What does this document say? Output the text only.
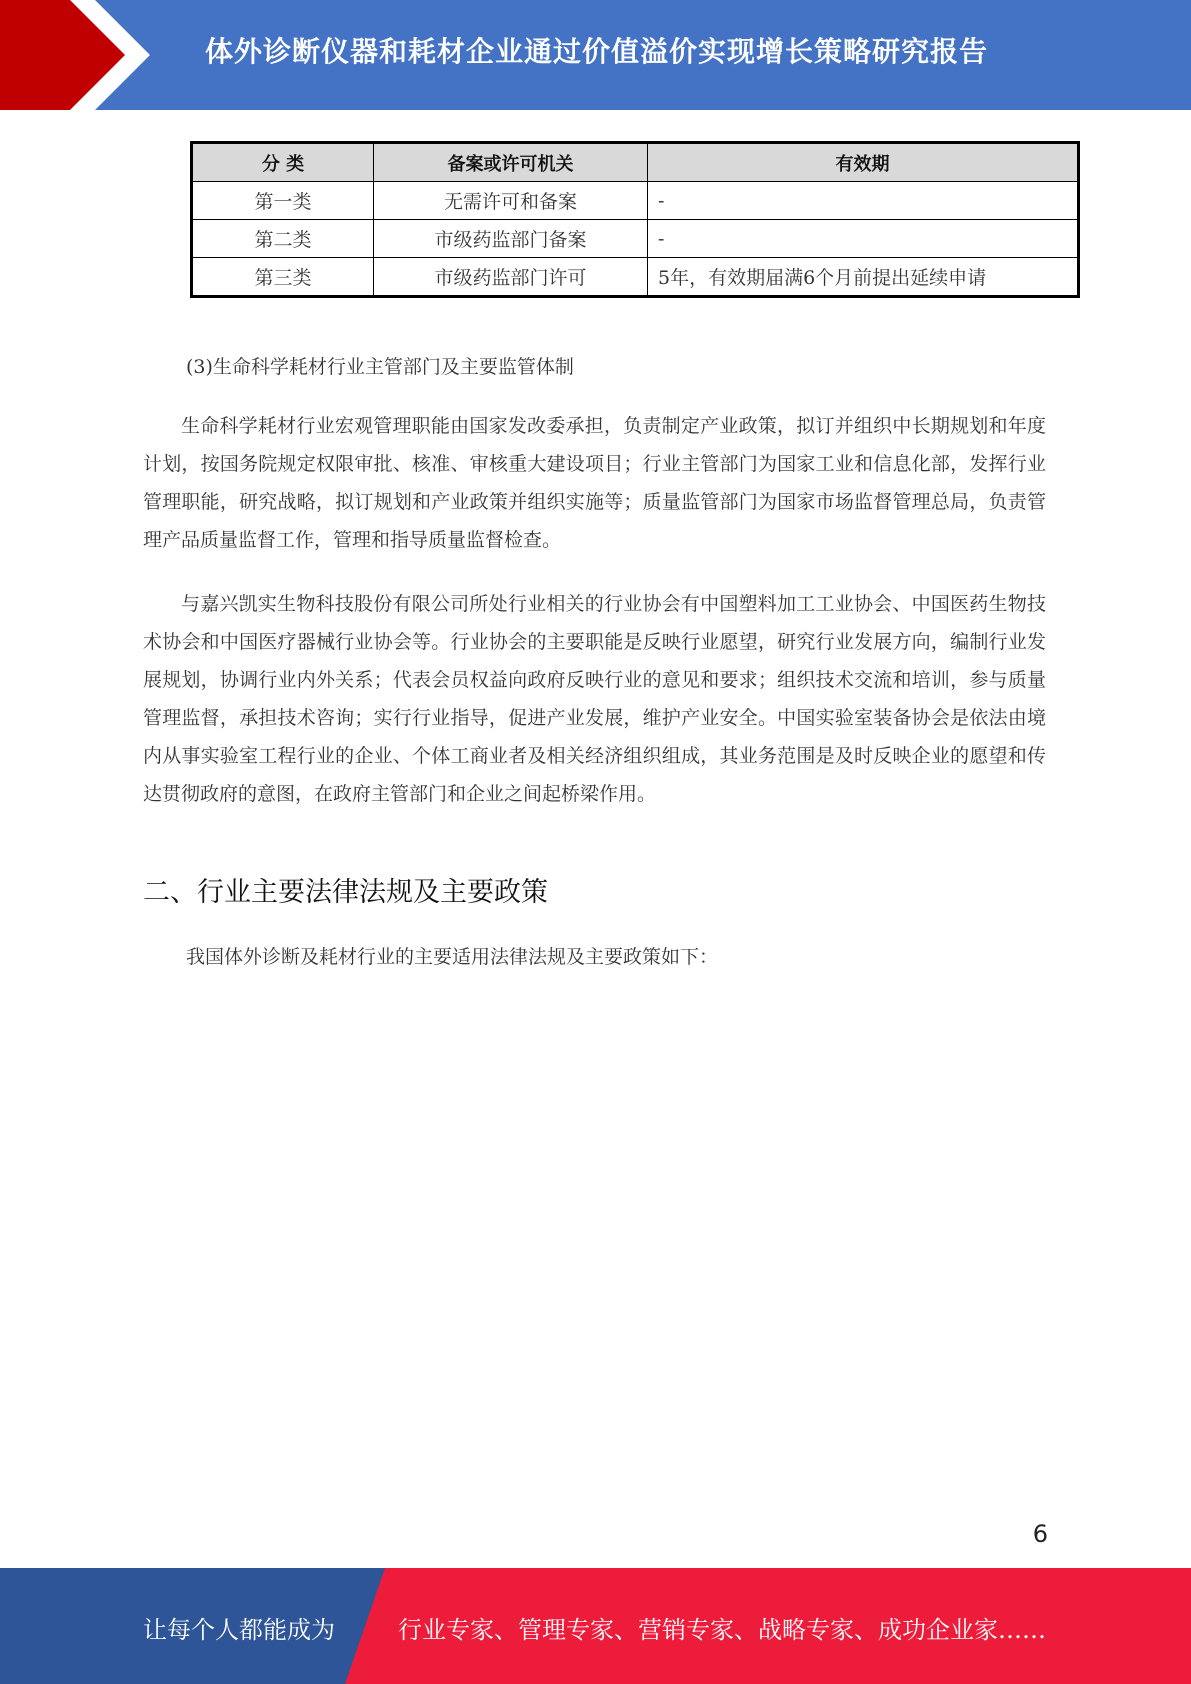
体外诊断仪器和耗材企业通过价值溢价实现增长策略研究报告
分 类	备案或许可机关	有效期
第一类	无需许可和备案	-
第二类	市级药监部门备案	-
第三类	市级药监部门许可	5年，有效期届满6个月前提出延续申请
(3)生命科学耗材行业主管部门及主要监管体制
生命科学耗材行业宏观管理职能由国家发改委承担，负责制定产业政策，拟订并组织中长期规划和年度计划，按国务院规定权限审批、核准、审核重大建设项目；行业主管部门为国家工业和信息化部，发挥行业管理职能，研究战略，拟订规划和产业政策并组织实施等；质量监管部门为国家市场监督管理总局，负责管理产品质量监督工作，管理和指导质量监督检查。
与嘉兴凯实生物科技股份有限公司所处行业相关的行业协会有中国塑料加工工业协会、中国医药生物技术协会和中国医疗器械行业协会等。行业协会的主要职能是反映行业愿望，研究行业发展方向，编制行业发展规划，协调行业内外关系；代表会员权益向政府反映行业的意见和要求；组织技术交流和培训，参与质量管理监督，承担技术咨询；实行行业指导，促进产业发展，维护产业安全。中国实验室装备协会是依法由境内从事实验室工程行业的企业、个体工商业者及相关经济组织组成，其业务范围是及时反映企业的愿望和传达贯彻政府的意图，在政府主管部门和企业之间起桥梁作用。
二、行业主要法律法规及主要政策
我国体外诊断及耗材行业的主要适用法律法规及主要政策如下：
6
让每个人都能成为	行业专家、管理专家、营销专家、战略专家、成功企业家……
